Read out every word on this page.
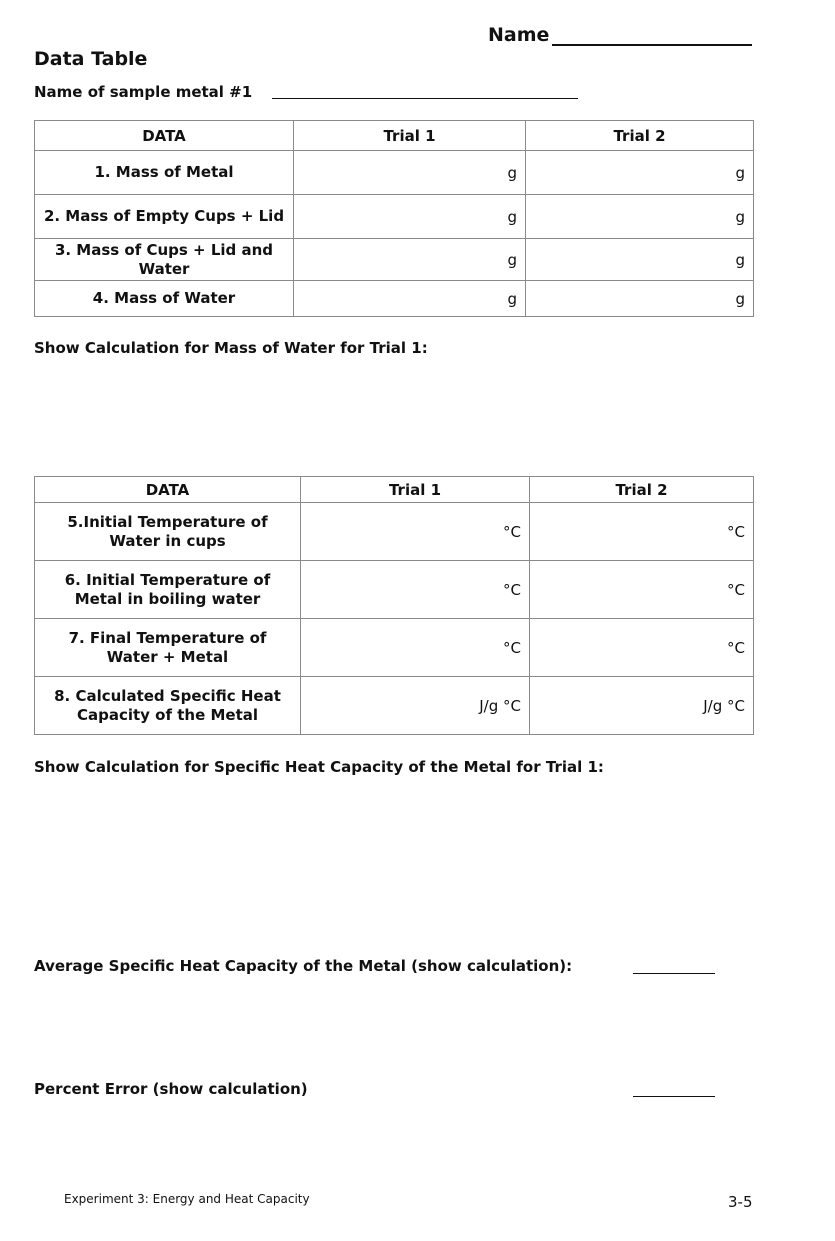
Name
Data Table
Name of sample metal #1
DATA	Trial 1	Trial 2
1. Mass of Metal	g	g
2. Mass of Empty Cups + Lid	g	g
3. Mass of Cups + Lid and Water	g	g
4. Mass of Water	g	g
Show Calculation for Mass of Water for Trial 1:
DATA	Trial 1	Trial 2
5.Initial Temperature of Water in cups	°C	°C
6. Initial Temperature of Metal in boiling water	°C	°C
7. Final Temperature of Water + Metal	°C	°C
8. Calculated Specific Heat Capacity of the Metal	J/g °C	J/g °C
Show Calculation for Specific Heat Capacity of the Metal for Trial 1:
Average Specific Heat Capacity of the Metal (show calculation):
Percent Error (show calculation)
Experiment 3: Energy and Heat Capacity	3-5
